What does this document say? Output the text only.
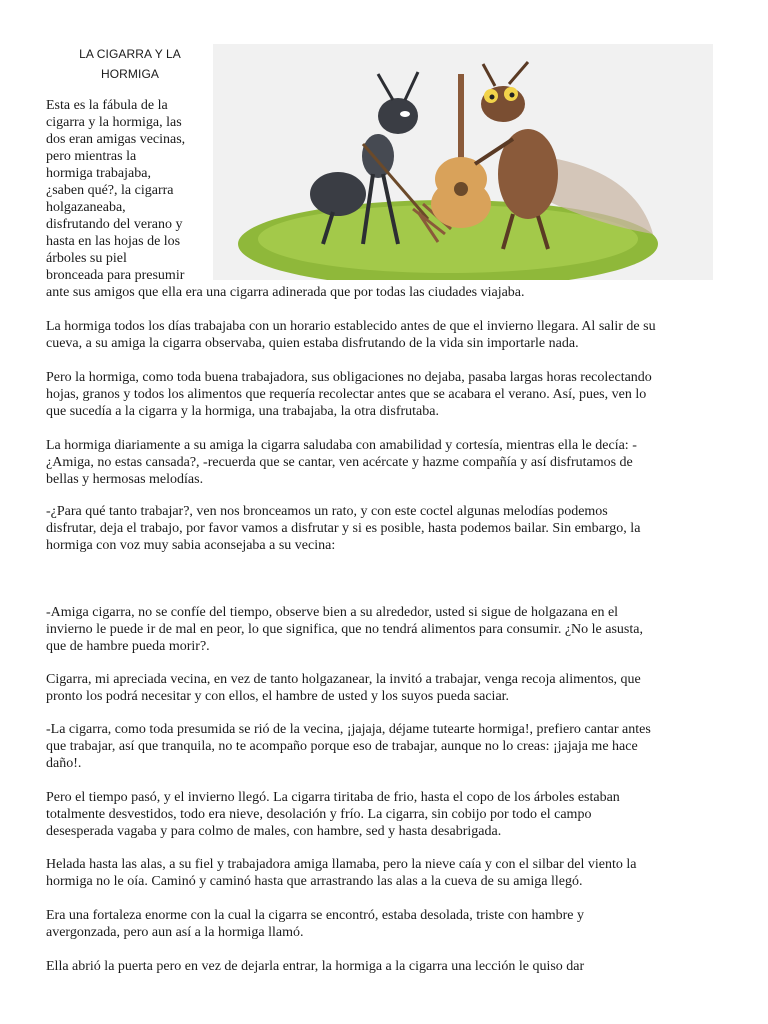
LA CIGARRA Y LA
HORMIGA
Esta es la fábula de la
cigarra y la hormiga, las
dos eran amigas vecinas,
pero mientras la
hormiga trabajaba,
¿saben qué?, la cigarra
holgazaneaba,
disfrutando del verano y
hasta en las hojas de los
árboles su piel
bronceada para presumir
ante sus amigos que ella era una cigarra adinerada que por todas las ciudades viajaba.
La hormiga todos los días trabajaba con un horario establecido antes de que el invierno llegara. Al salir de su
cueva, a su amiga la cigarra observaba, quien estaba disfrutando de la vida sin importarle nada.
Pero la hormiga, como toda buena trabajadora, sus obligaciones no dejaba, pasaba largas horas recolectando
hojas, granos y todos los alimentos que requería recolectar antes que se acabara el verano. Así, pues, ven lo
que sucedía a la cigarra y la hormiga, una trabajaba, la otra disfrutaba.
La hormiga diariamente a su amiga la cigarra saludaba con amabilidad y cortesía, mientras ella le decía: -
¿Amiga, no estas cansada?, -recuerda que se cantar, ven acércate y hazme compañía y así disfrutamos de
bellas y hermosas melodías.
-¿Para qué tanto trabajar?, ven nos bronceamos un rato, y con este coctel algunas melodías podemos
disfrutar, deja el trabajo, por favor vamos a disfrutar y si es posible, hasta podemos bailar. Sin embargo, la
hormiga con voz muy sabia aconsejaba a su vecina:
-Amiga cigarra, no se confíe del tiempo, observe bien a su alrededor, usted si sigue de holgazana en el
invierno le puede ir de mal en peor, lo que significa, que no tendrá alimentos para consumir. ¿No le asusta,
que de hambre pueda morir?.
Cigarra, mi apreciada vecina, en vez de tanto holgazanear, la invitó a trabajar, venga recoja alimentos, que
pronto los podrá necesitar y con ellos, el hambre de usted y los suyos pueda saciar.
-La cigarra, como toda presumida se rió de la vecina, ¡jajaja, déjame tutearte hormiga!, prefiero cantar antes
que trabajar, así que tranquila, no te acompaño porque eso de trabajar, aunque no lo creas: ¡jajaja me hace
daño!.
Pero el tiempo pasó, y el invierno llegó. La cigarra tiritaba de frio, hasta el copo de los árboles estaban
totalmente desvestidos, todo era nieve, desolación y frío. La cigarra, sin cobijo por todo el campo
desesperada vagaba y para colmo de males, con hambre, sed y hasta desabrigada.
Helada hasta las alas, a su fiel y trabajadora amiga llamaba, pero la nieve caía y con el silbar del viento la
hormiga no le oía. Caminó y caminó hasta que arrastrando las alas a la cueva de su amiga llegó.
Era una fortaleza enorme con la cual la cigarra se encontró, estaba desolada, triste con hambre y
avergonzada, pero aun así a la hormiga llamó.
Ella abrió la puerta pero en vez de dejarla entrar, la hormiga a la cigarra una lección le quiso dar
